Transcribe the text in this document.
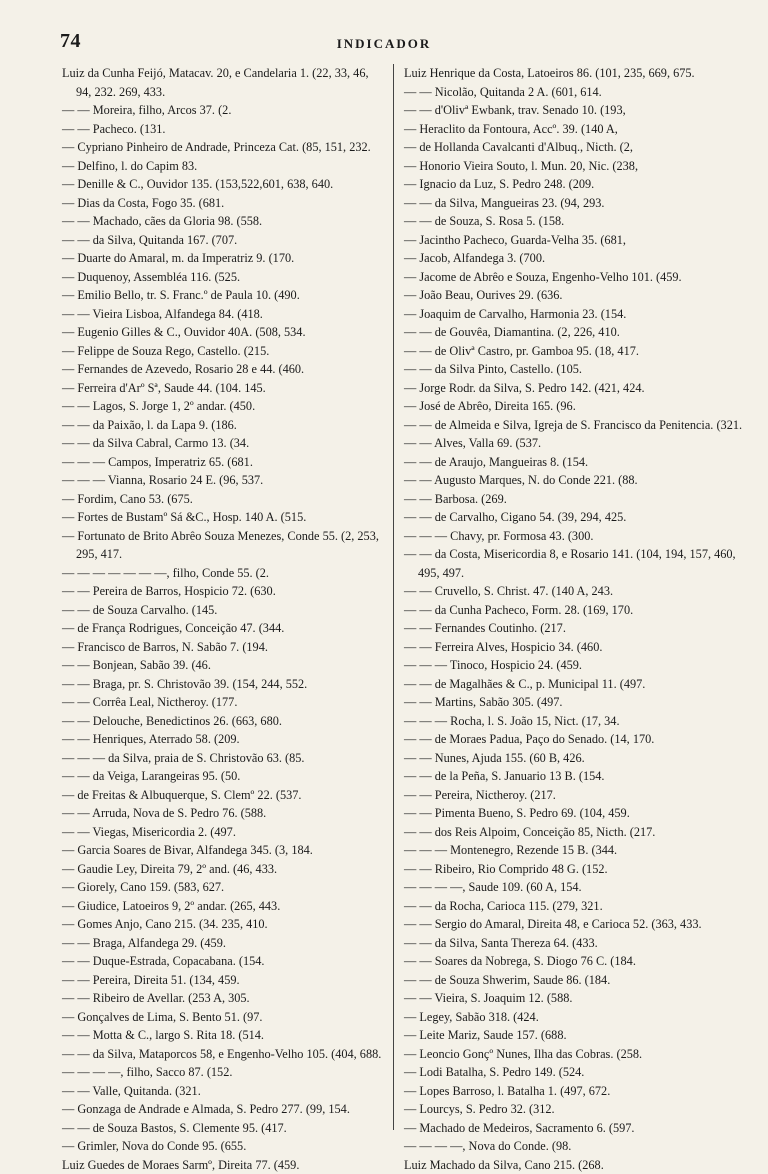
74	INDICADOR
Luiz da Cunha Feijó, Matacav. 20, e Candelaria 1. (22, 33, 46, 94, 232. 269, 433.
— — Moreira, filho, Arcos 37. (2.
— — Pacheco. (131.
— Cypriano Pinheiro de Andrade, Princeza Cat. (85, 151, 232.
— Delfino, l. do Capim 83.
— Denille & C., Ouvidor 135. (153,522,601, 638, 640.
— Dias da Costa, Fogo 35. (681.
— — Machado, cães da Gloria 98. (558.
— — da Silva, Quitanda 167. (707.
— Duarte do Amaral, m. da Imperatriz 9. (170.
— Duquenoy, Assembléa 116. (525.
— Emilio Bello, tr. S. Franc.º de Paula 10. (490.
— — Vieira Lisboa, Alfandega 84. (418.
— Eugenio Gilles & C., Ouvidor 40A. (508, 534.
— Felippe de Souza Rego, Castello. (215.
— Fernandes de Azevedo, Rosario 28 e 44. (460.
— Ferreira d'Arº Sª, Saude 44. (104. 145.
— — Lagos, S. Jorge 1, 2º andar. (450.
— — da Paixão, l. da Lapa 9. (186.
— — da Silva Cabral, Carmo 13. (34.
— — — Campos, Imperatriz 65. (681.
— — — Vianna, Rosario 24 E. (96, 537.
— Fordim, Cano 53. (675.
— Fortes de Bustamº Sá &C., Hosp. 140 A. (515.
— Fortunato de Brito Abrêo Souza Menezes, Conde 55. (2, 253, 295, 417.
— — — — — — —, filho, Conde 55. (2.
— — Pereira de Barros, Hospicio 72. (630.
— — de Souza Carvalho. (145.
— de França Rodrigues, Conceição 47. (344.
— Francisco de Barros, N. Sabão 7. (194.
— — Bonjean, Sabão 39. (46.
— — Braga, pr. S. Christovão 39. (154, 244, 552.
— — Corrêa Leal, Nictheroy. (177.
— — Delouche, Benedictinos 26. (663, 680.
— — Henriques, Aterrado 58. (209.
— — — da Silva, praia de S. Christovão 63. (85.
— — da Veiga, Larangeiras 95. (50.
— de Freitas & Albuquerque, S. Clemº 22. (537.
— — Arruda, Nova de S. Pedro 76. (588.
— — Viegas, Misericordia 2. (497.
— Garcia Soares de Bivar, Alfandega 345. (3, 184.
— Gaudie Ley, Direita 79, 2º and. (46, 433.
— Giorely, Cano 159. (583, 627.
— Giudice, Latoeiros 9, 2º andar. (265, 443.
— Gomes Anjo, Cano 215. (34. 235, 410.
— — Braga, Alfandega 29. (459.
— — Duque-Estrada, Copacabana. (154.
— — Pereira, Direita 51. (134, 459.
— — Ribeiro de Avellar. (253 A, 305.
— Gonçalves de Lima, S. Bento 51. (97.
— — Motta & C., largo S. Rita 18. (514.
— — da Silva, Mataporcos 58, e Engenho-Velho 105. (404, 688.
— — — —, filho, Sacco 87. (152.
— — Valle, Quitanda. (321.
— Gonzaga de Andrade e Almada, S. Pedro 277. (99, 154.
— — de Souza Bastos, S. Clemente 95. (417.
— Grimler, Nova do Conde 95. (655.
Luiz Guedes de Moraes Sarmº, Direita 77. (459.
Luiz Henrique da Costa, Latoeiros 86. (101, 235, 669, 675.
— — Nicolão, Quitanda 2 A. (601, 614.
— — d'Olivª Ewbank, trav. Senado 10. (193,
— Heraclito da Fontoura, Accº. 39. (140 A,
— de Hollanda Cavalcanti d'Albuq., Nicth. (2,
— Honorio Vieira Souto, l. Mun. 20, Nic. (238,
— Ignacio da Luz, S. Pedro 248. (209.
— — da Silva, Mangueiras 23. (94, 293.
— — de Souza, S. Rosa 5. (158.
— Jacintho Pacheco, Guarda-Velha 35. (681,
— Jacob, Alfandega 3. (700.
— Jacome de Abrêo e Souza, Engenho-Velho 101. (459.
— João Beau, Ourives 29. (636.
— Joaquim de Carvalho, Harmonia 23. (154.
— — de Gouvêa, Diamantina. (2, 226, 410.
— — de Olivª Castro, pr. Gamboa 95. (18, 417.
— — da Silva Pinto, Castello. (105.
— Jorge Rodr. da Silva, S. Pedro 142. (421, 424.
— José de Abrêo, Direita 165. (96.
— — de Almeida e Silva, Igreja de S. Francisco da Penitencia. (321.
— — Alves, Valla 69. (537.
— — de Araujo, Mangueiras 8. (154.
— — Augusto Marques, N. do Conde 221. (88.
— — Barbosa. (269.
— — de Carvalho, Cigano 54. (39, 294, 425.
— — — Chavy, pr. Formosa 43. (300.
— — da Costa, Misericordia 8, e Rosario 141. (104, 194, 157, 460, 495, 497.
— — Cruvello, S. Christ. 47. (140 A, 243.
— — da Cunha Pacheco, Form. 28. (169, 170.
— — Fernandes Coutinho. (217.
— — Ferreira Alves, Hospicio 34. (460.
— — — Tinoco, Hospicio 24. (459.
— — de Magalhães & C., p. Municipal 11. (497.
— — Martins, Sabão 305. (497.
— — — Rocha, l. S. João 15, Nict. (17, 34.
— — de Moraes Padua, Paço do Senado. (14, 170.
— — Nunes, Ajuda 155. (60 B, 426.
— — de la Peña, S. Januario 13 B. (154.
— — Pereira, Nictheroy. (217.
— — Pimenta Bueno, S. Pedro 69. (104, 459.
— — dos Reis Alpoim, Conceição 85, Nicth. (217.
— — — Montenegro, Rezende 15 B. (344.
— — Ribeiro, Rio Comprido 48 G. (152.
— — — —, Saude 109. (60 A, 154.
— — da Rocha, Carioca 115. (279, 321.
— — Sergio do Amaral, Direita 48, e Carioca 52. (363, 433.
— — da Silva, Santa Thereza 64. (433.
— — Soares da Nobrega, S. Diogo 76 C. (184.
— — de Souza Shwerim, Saude 86. (184.
— — Vieira, S. Joaquim 12. (588.
— Legey, Sabão 318. (424.
— Leite Mariz, Saude 157. (688.
— Leoncio Gonçº Nunes, Ilha das Cobras. (258.
— Lodi Batalha, S. Pedro 149. (524.
— Lopes Barroso, l. Batalha 1. (497, 672.
— Lourcys, S. Pedro 32. (312.
— Machado de Medeiros, Sacramento 6. (597.
— — — —, Nova do Conde. (98.
Luiz Machado da Silva, Cano 215. (268.
